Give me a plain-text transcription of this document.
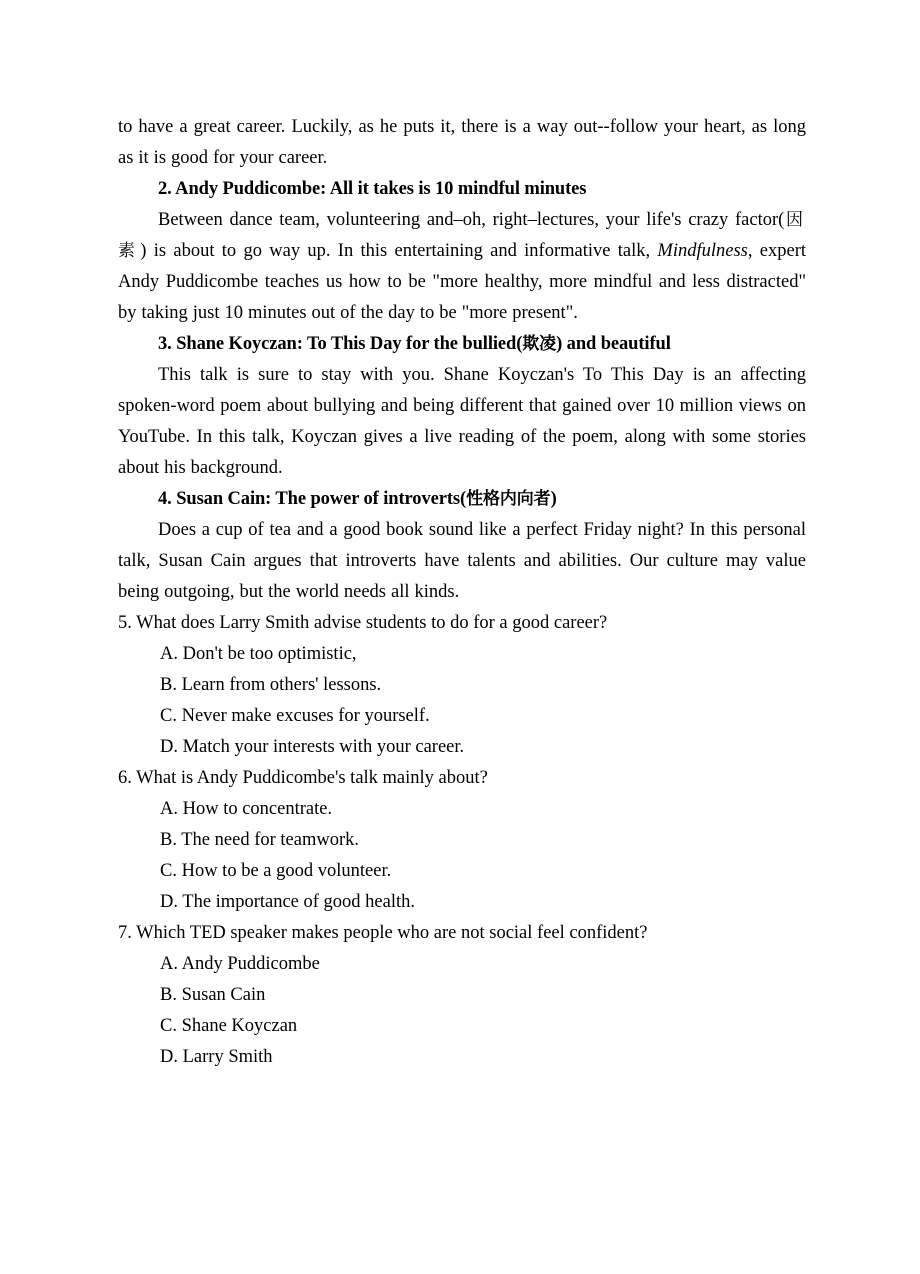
to have a great career. Luckily, as he puts it, there is a way out--follow your heart, as long as it is good for your career.

2. Andy Puddicombe: All it takes is 10 mindful minutes

Between dance team, volunteering and–oh, right–lectures, your life's crazy factor(因素) is about to go way up. In this entertaining and informative talk, Mindfulness, expert Andy Puddicombe teaches us how to be "more healthy, more mindful and less distracted" by taking just 10 minutes out of the day to be "more present".

3. Shane Koyczan: To This Day for the bullied(欺凌) and beautiful

This talk is sure to stay with you. Shane Koyczan's To This Day is an affecting spoken-word poem about bullying and being different that gained over 10 million views on YouTube. In this talk, Koyczan gives a live reading of the poem, along with some stories about his background.

4. Susan Cain: The power of introverts(性格内向者)

Does a cup of tea and a good book sound like a perfect Friday night? In this personal talk, Susan Cain argues that introverts have talents and abilities. Our culture may value being outgoing, but the world needs all kinds.

5. What does Larry Smith advise students to do for a good career?

A. Don't be too optimistic,

B. Learn from others' lessons.

C. Never make excuses for yourself.

D. Match your interests with your career.

6. What is Andy Puddicombe's talk mainly about?

A. How to concentrate.

B. The need for teamwork.

C. How to be a good volunteer.

D. The importance of good health.

7. Which TED speaker makes people who are not social feel confident?

A. Andy Puddicombe

B. Susan Cain

C. Shane Koyczan

D. Larry Smith
